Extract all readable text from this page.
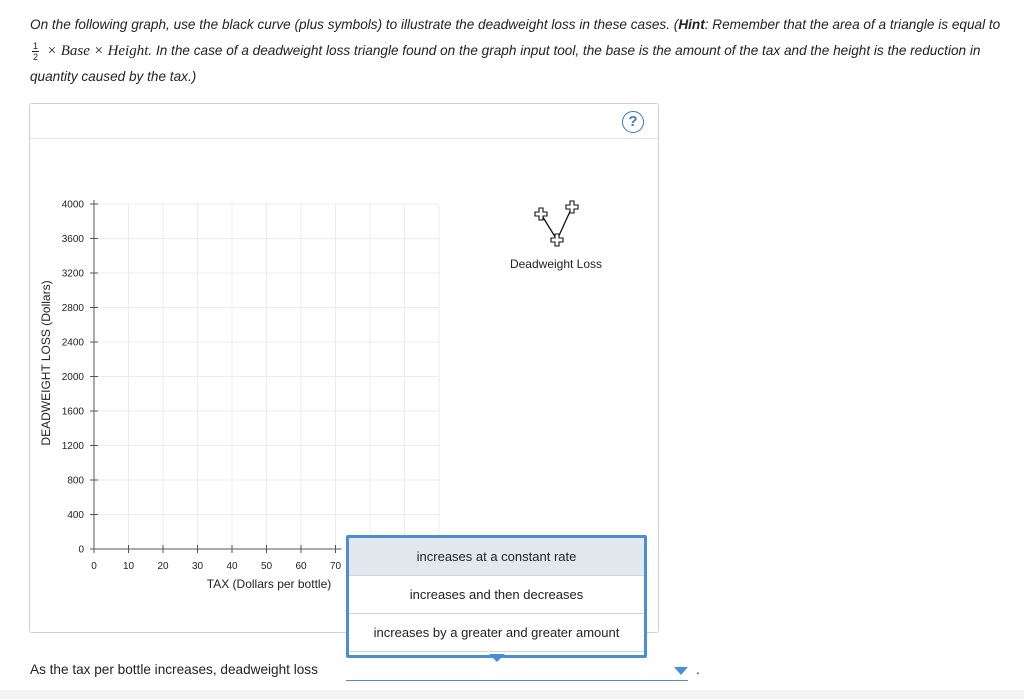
On the following graph, use the black curve (plus symbols) to illustrate the deadweight loss in these cases. (Hint: Remember that the area of a triangle is equal to
$\frac{1}{2}$ × Base × Height. In the case of a deadweight loss triangle found on the graph input tool, the base is the amount of the tax and the height is the reduction in quantity caused by the tax.)
?
0
400
800
1200
1600
2000
2400
2800
3200
3600
4000
0	10 20 30 40 50 60 70
DEADWEIGHT LOSS (Dollars)
TAX (Dollars per bottle)
Deadweight Loss
increases at a constant rate
increases and then decreases
increases by a greater and greater amount
As the tax per bottle increases, deadweight loss	.
